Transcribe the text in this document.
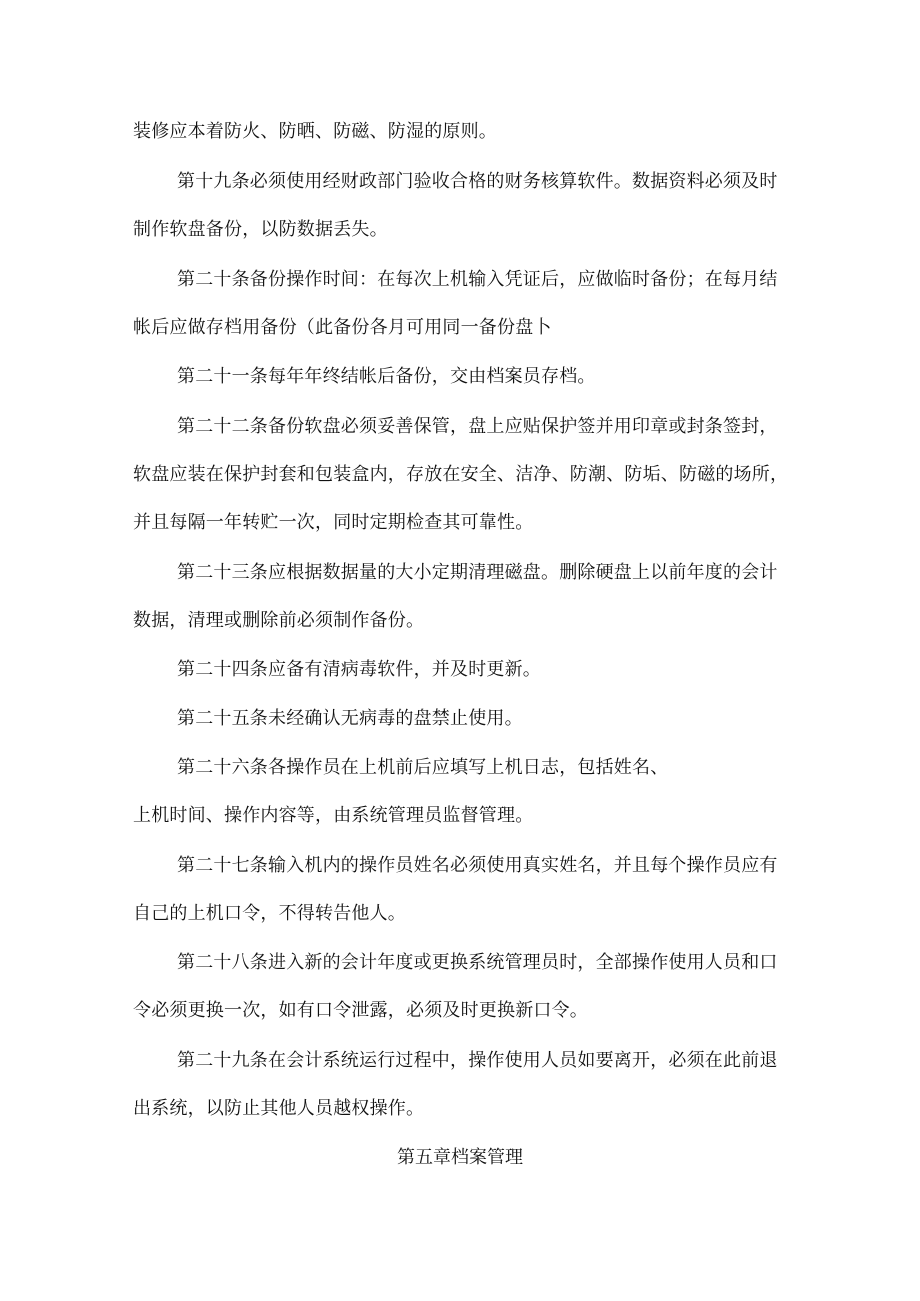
装修应本着防火、防晒、防磁、防湿的原则。
第十九条必须使用经财政部门验收合格的财务核算软件。数据资料必须及时
制作软盘备份，以防数据丢失。
第二十条备份操作时间：在每次上机输入凭证后，应做临时备份；在每月结
帐后应做存档用备份（此备份各月可用同一备份盘卜
第二十一条每年年终结帐后备份，交由档案员存档。
第二十二条备份软盘必须妥善保管，盘上应贴保护签并用印章或封条签封，
软盘应装在保护封套和包装盒内，存放在安全、洁净、防潮、防垢、防磁的场所，
并且每隔一年转贮一次，同时定期检查其可靠性。
第二十三条应根据数据量的大小定期清理磁盘。删除硬盘上以前年度的会计
数据，清理或删除前必须制作备份。
第二十四条应备有清病毒软件，并及时更新。
第二十五条未经确认无病毒的盘禁止使用。
第二十六条各操作员在上机前后应填写上机日志，包括姓名、
上机时间、操作内容等，由系统管理员监督管理。
第二十七条输入机内的操作员姓名必须使用真实姓名，并且每个操作员应有
自己的上机口令，不得转告他人。
第二十八条进入新的会计年度或更换系统管理员时，全部操作使用人员和口
令必须更换一次，如有口令泄露，必须及时更换新口令。
第二十九条在会计系统运行过程中，操作使用人员如要离开，必须在此前退
出系统，以防止其他人员越权操作。
第五章档案管理
